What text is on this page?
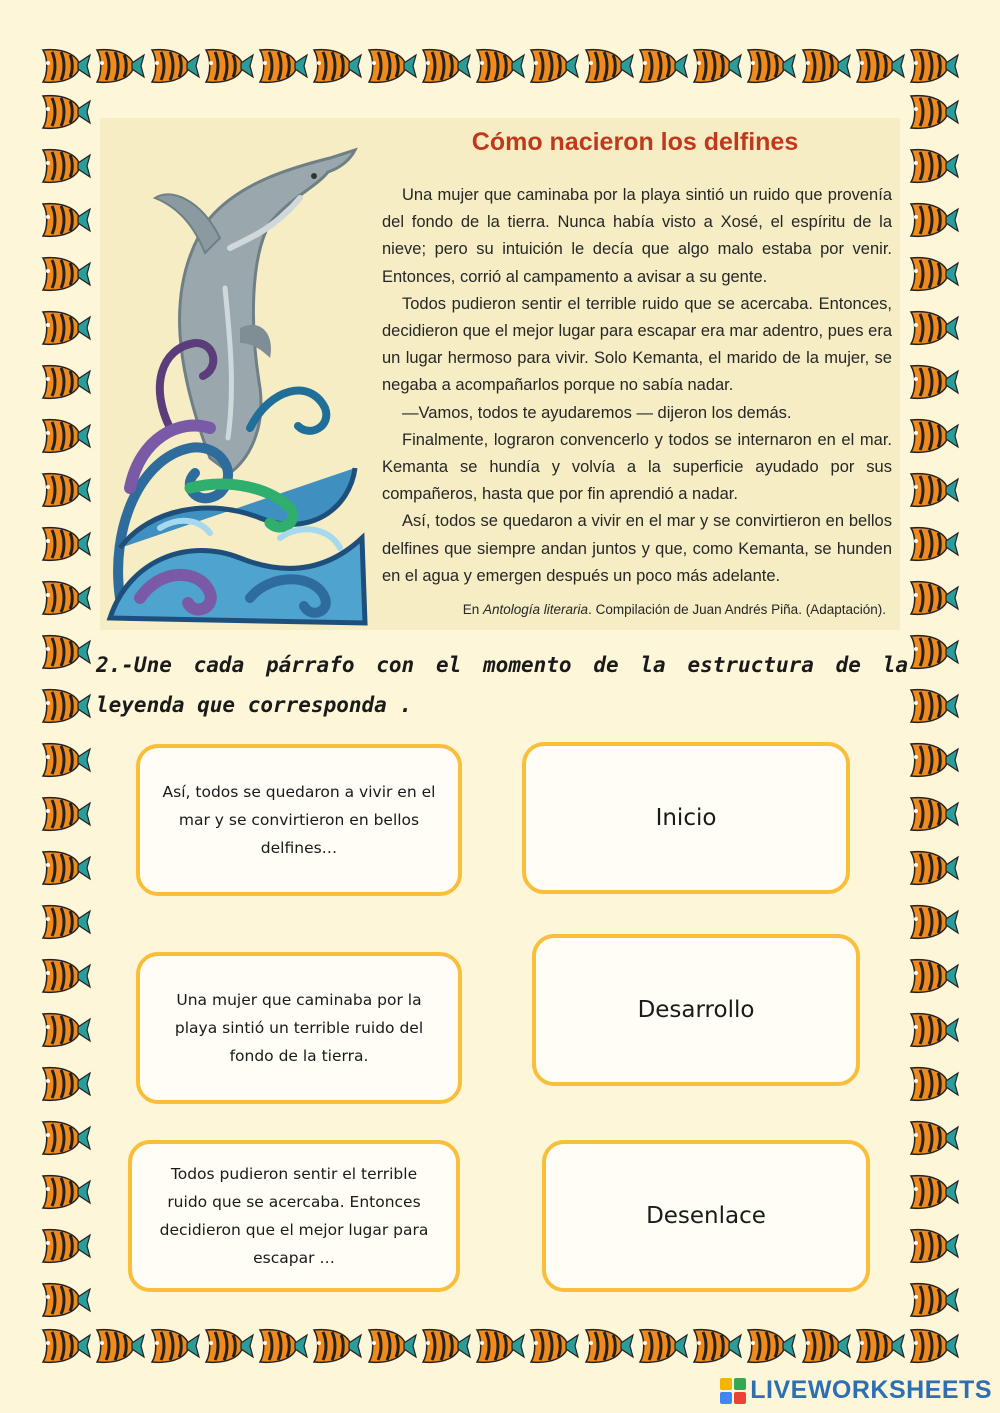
Cómo nacieron los delfines

Una mujer que caminaba por la playa sintió un ruido que provenía del fondo de la tierra. Nunca había visto a Xosé, el espíritu de la nieve; pero su intuición le decía que algo malo estaba por venir. Entonces, corrió al campamento a avisar a su gente.

Todos pudieron sentir el terrible ruido que se acercaba. Entonces, decidieron que el mejor lugar para escapar era mar adentro, pues era un lugar hermoso para vivir. Solo Kemanta, el marido de la mujer, se negaba a acompañarlos porque no sabía nadar.

—Vamos, todos te ayudaremos — dijeron los demás.

Finalmente, lograron convencerlo y todos se internaron en el mar. Kemanta se hundía y volvía a la superficie ayudado por sus compañeros, hasta que por fin aprendió a nadar.

Así, todos se quedaron a vivir en el mar y se convirtieron en bellos delfines que siempre andan juntos y que, como Kemanta, se hunden en el agua y emergen después un poco más adelante.

En Antología literaria. Compilación de Juan Andrés Piña. (Adaptación).
2.-Une cada párrafo con el momento de la estructura de la leyenda que corresponda .
Así, todos se quedaron a vivir en el mar y se convirtieron en bellos delfines…
Una mujer que caminaba por la playa sintió un terrible ruido del fondo de la tierra.
Todos pudieron sentir el terrible ruido que se acercaba. Entonces decidieron que el mejor lugar para escapar …
Inicio
Desarrollo
Desenlace
LIVEWORKSHEETS
